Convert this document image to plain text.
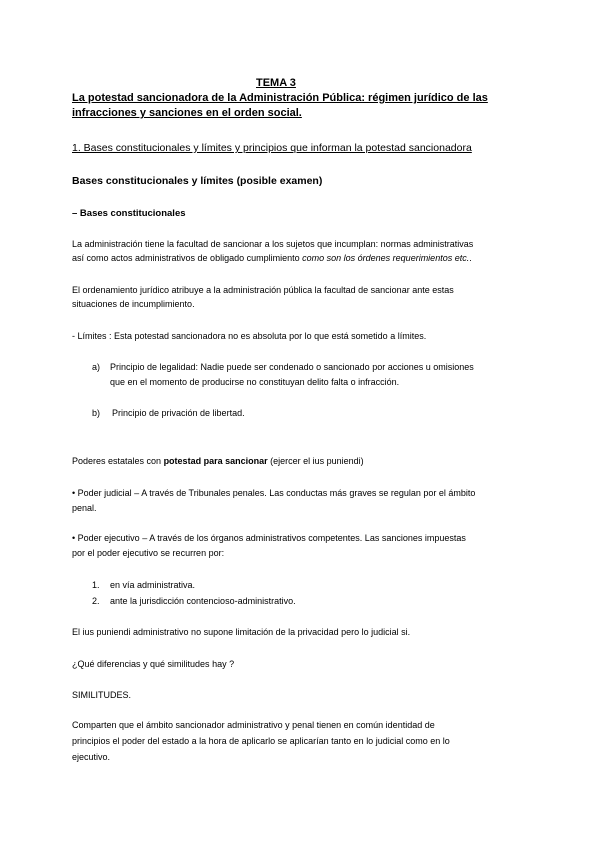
TEMA 3
La potestad sancionadora de la Administración Pública: régimen jurídico de las
infracciones y sanciones en el orden social.
1. Bases constitucionales y límites y principios que informan la potestad sancionadora
Bases constitucionales y límites (posible examen)
– Bases constitucionales
La administración tiene la facultad de sancionar a los sujetos que incumplan: normas administrativas
así como actos administrativos de obligado cumplimiento como son los órdenes requerimientos etc..
El ordenamiento jurídico atribuye a la administración pública la facultad de sancionar ante estas
situaciones de incumplimiento.
- Límites : Esta potestad sancionadora no es absoluta por lo que está sometido a límites.
a) Principio de legalidad: Nadie puede ser condenado o sancionado por acciones u omisiones
que en el momento de producirse no constituyan delito falta o infracción.
b) Principio de privación de libertad.
Poderes estatales con potestad para sancionar (ejercer el ius puniendi)
• Poder judicial – A través de Tribunales penales. Las conductas más graves se regulan por el ámbito
penal.
• Poder ejecutivo – A través de los órganos administrativos competentes. Las sanciones impuestas
por el poder ejecutivo se recurren por:
1. en vía administrativa.
2. ante la jurisdicción contencioso-administrativo.
El ius puniendi administrativo no supone limitación de la privacidad pero lo judicial si.
¿Qué diferencias y qué similitudes hay ?
SIMILITUDES.
Comparten que el ámbito sancionador administrativo y penal tienen en común identidad de
principios el poder del estado a la hora de aplicarlo se aplicarían tanto en lo judicial como en lo
ejecutivo.
